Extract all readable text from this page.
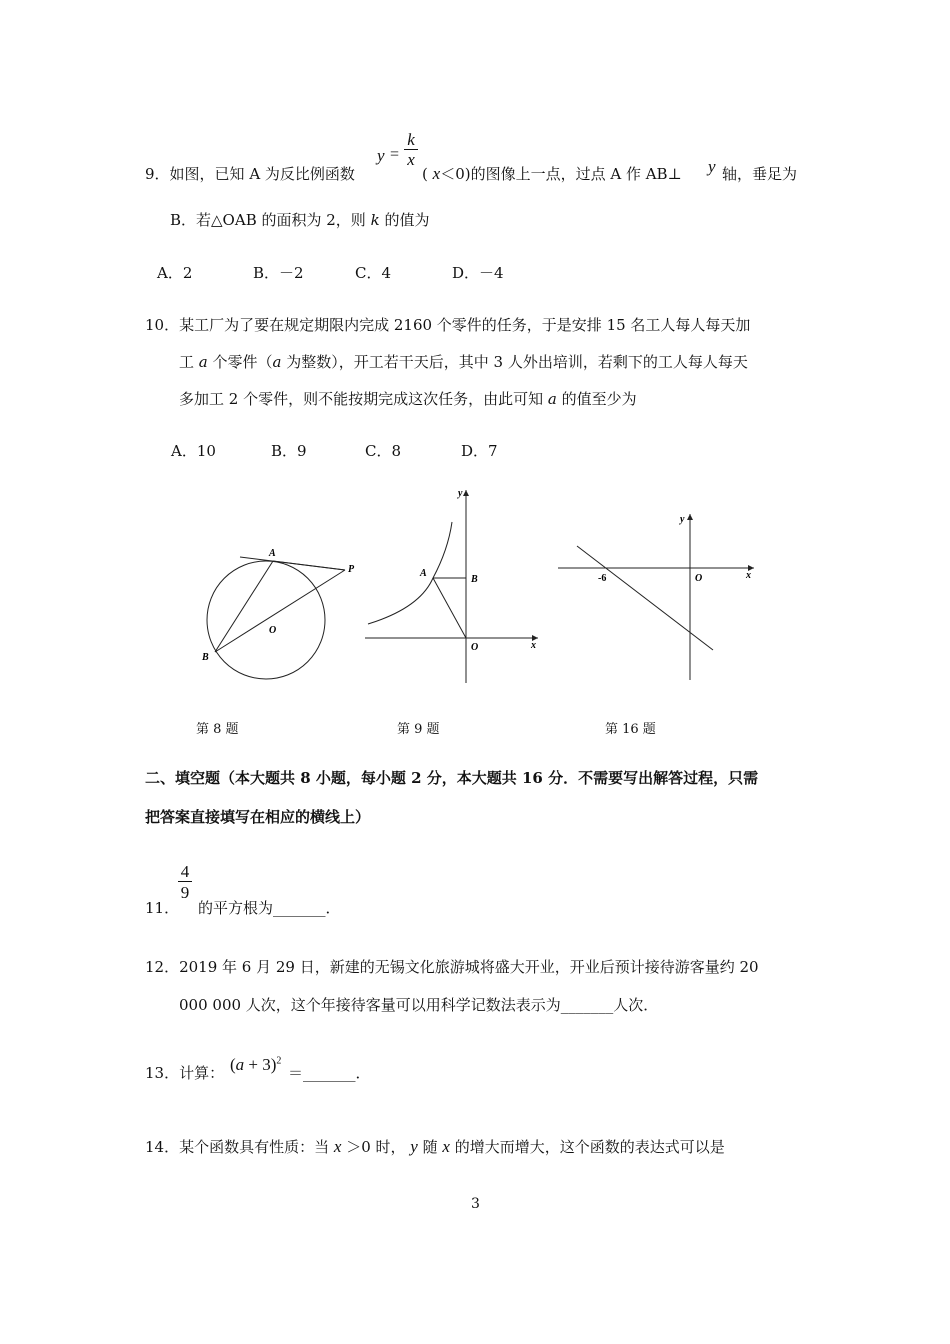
9．如图，已知 A 为反比例函数
y =
k
x
( x＜0)的图像上一点，过点 A 作 AB⊥ y 轴，垂足为
B．若△OAB 的面积为 2，则 k 的值为
A．2	B．－2	C．4	D．－4
10．某工厂为了要在规定期限内完成 2160 个零件的任务，于是安排 15 名工人每人每天加
工 a 个零件（a 为整数），开工若干天后，其中 3 人外出培训，若剩下的工人每人每天
多加工 2 个零件，则不能按期完成这次任务，由此可知 a 的值至少为
A．10	B．9	C．8	D．7
A
P
O
B
y
A
B
O	x
y
-6	O	x
第 8 题	第 9 题	第 16 题
二、填空题（本大题共 8 小题，每小题 2 分，本大题共 16 分．不需要写出解答过程，只需
把答案直接填写在相应的横线上）
11．
4
9
的平方根为_______．
12．2019 年 6 月 29 日，新建的无锡文化旅游城将盛大开业，开业后预计接待游客量约 20
000 000 人次，这个年接待客量可以用科学记数法表示为_______人次．
13．计算： $(a + 3)^2$
＝_______．
14．某个函数具有性质：当 x ＞0 时， y 随 x 的增大而增大，这个函数的表达式可以是
3
